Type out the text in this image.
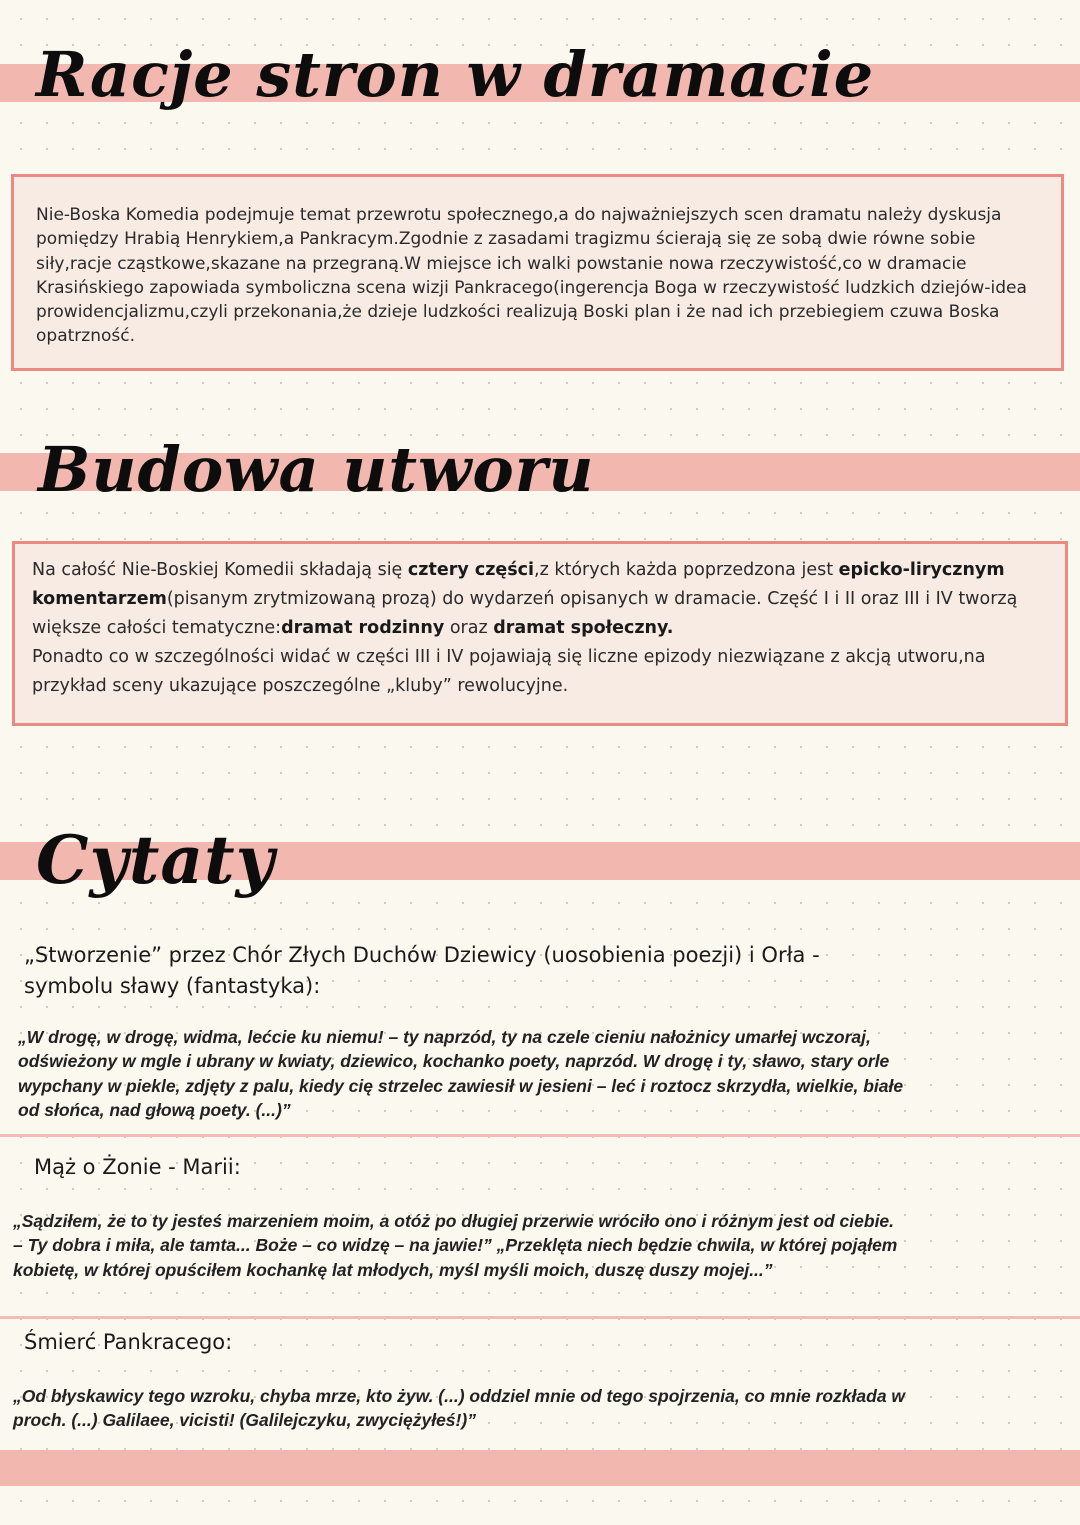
Racje stron w dramacie

Nie-Boska Komedia podejmuje temat przewrotu społecznego,a do najważniejszych scen dramatu należy dyskusja pomiędzy Hrabią Henrykiem,a Pankracym.Zgodnie z zasadami tragizmu ścierają się ze sobą dwie równe sobie siły,racje cząstkowe,skazane na przegraną.W miejsce ich walki powstanie nowa rzeczywistość,co w dramacie Krasińskiego zapowiada symboliczna scena wizji Pankracego(ingerencja Boga w rzeczywistość ludzkich dziejów-idea prowidencjalizmu,czyli przekonania,że dzieje ludzkości realizują Boski plan i że nad ich przebiegiem czuwa Boska opatrzność.

Budowa utworu

Na całość Nie-Boskiej Komedii składają się cztery części,z których każda poprzedzona jest epicko-lirycznym komentarzem(pisanym zrytmizowaną prozą) do wydarzeń opisanych w dramacie. Część I i II oraz III i IV tworzą większe całości tematyczne:dramat rodzinny oraz dramat społeczny.

Ponadto co w szczególności widać w części III i IV pojawiają się liczne epizody niezwiązane z akcją utworu,na przykład sceny ukazujące poszczególne „kluby” rewolucyjne.

Cytaty

„Stworzenie” przez Chór Złych Duchów Dziewicy (uosobienia poezji) i Orła - symbolu sławy (fantastyka):

„W drogę, w drogę, widma, lećcie ku niemu! – ty naprzód, ty na czele cieniu nałożnicy umarłej wczoraj, odświeżony w mgle i ubrany w kwiaty, dziewico, kochanko poety, naprzód. W drogę i ty, sławo, stary orle wypchany w piekle, zdjęty z palu, kiedy cię strzelec zawiesił w jesieni – leć i roztocz skrzydła, wielkie, białe od słońca, nad głową poety. (...)”

Mąż o Żonie - Marii:

„Sądziłem, że to ty jesteś marzeniem moim, a otóż po długiej przerwie wróciło ono i różnym jest od ciebie. – Ty dobra i miła, ale tamta... Boże – co widzę – na jawie!” „Przeklęta niech będzie chwila, w której pojąłem kobietę, w której opuściłem kochankę lat młodych, myśl myśli moich, duszę duszy mojej...”

Śmierć Pankracego:

„Od błyskawicy tego wzroku, chyba mrze, kto żyw. (...) oddziel mnie od tego spojrzenia, co mnie rozkłada w proch. (...) Galilaee, vicisti! (Galilejczyku, zwyciężyłeś!)”
